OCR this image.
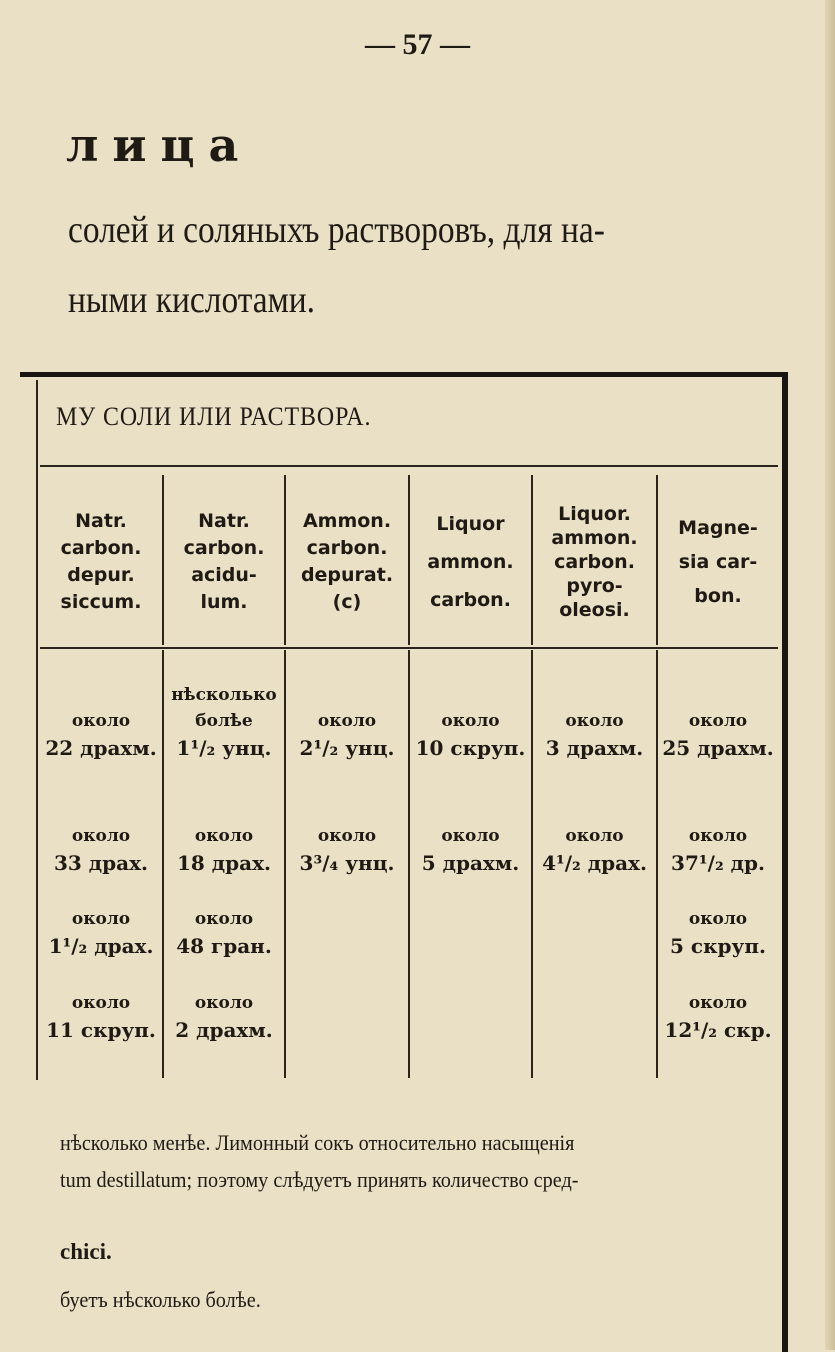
— 57 —
лица
солей и соляныхъ растворовъ, для на-
ными кислотами.
МУ СОЛИ ИЛИ РАСТВОРА.
Natr.
carbon.
depur.
siccum.
Natr.
carbon.
acidu-
lum.
Ammon.
carbon.
depurat.
(c)
Liquor
ammon.
carbon.
Liquor.
ammon.
carbon.
pyro-
oleosi.
Magne-
sia car-
bon.
около
22 драхм.
нѣсколько
болѣе
1¹/₂ унц.
около
2¹/₂ унц.
около
10 скруп.
около
3 драхм.
около
25 драхм.
около
33 драх.
около
18 драх.
около
3³/₄ унц.
около
5 драхм.
около
4¹/₂ драх.
около
37¹/₂ др.
около
1¹/₂ драх.
около
48 гран.
около
5 скруп.
около
11 скруп.
около
2 драхм.
около
12¹/₂ скр.
нѣсколько менѣе. Лимонный сокъ относительно насыщенія
tum destillatum; поэтому слѣдуетъ принять количество сред-
chici.
буетъ нѣсколько болѣе.
